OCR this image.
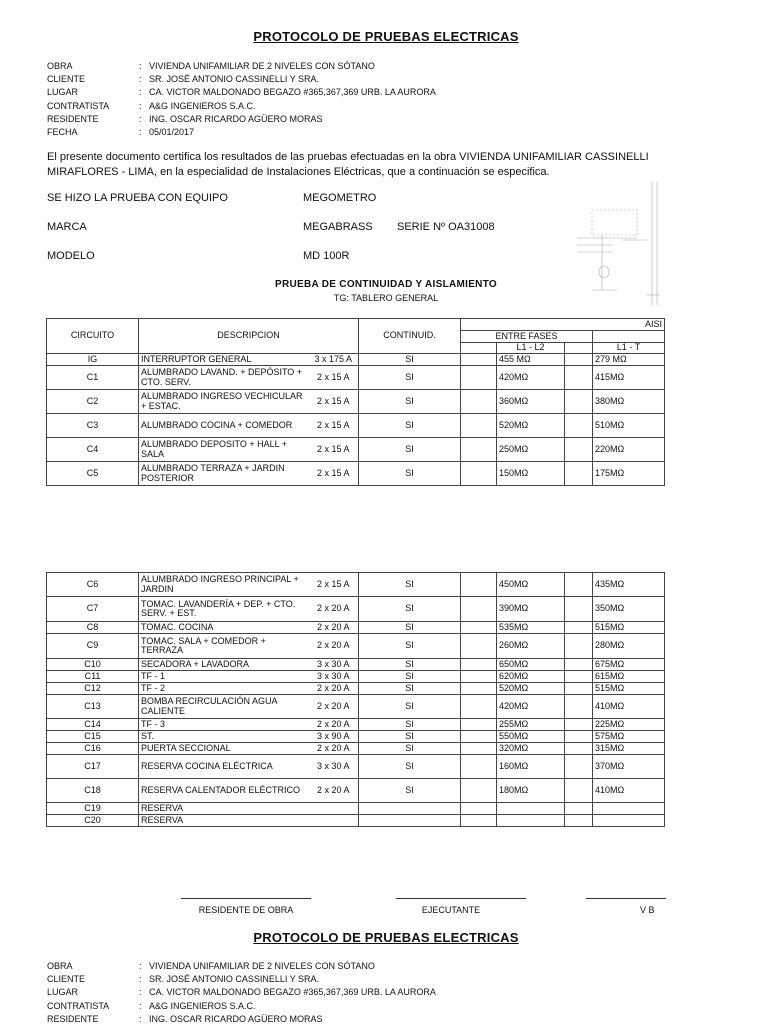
PROTOCOLO DE PRUEBAS ELECTRICAS
OBRA	: VIVIENDA UNIFAMILIAR DE 2 NIVELES CON SÓTANO
CLIENTE	: SR. JOSÉ ANTONIO CASSINELLI Y SRA.
LUGAR	: CA. VICTOR MALDONADO BEGAZO #365,367,369 URB. LA AURORA
CONTRATISTA	: A&G INGENIEROS S.A.C.
RESIDENTE	: ING. OSCAR RICARDO AGÜERO MORAS
FECHA	: 05/01/2017
El presente documento certifica los resultados de las pruebas efectuadas en la obra VIVIENDA UNIFAMILIAR CASSINELLI
MIRAFLORES - LIMA, en la especialidad de Instalaciones Eléctricas, que a continuación se especifica.
SE HIZO LA PRUEBA CON EQUIPO	MEGOMETRO
MARCA	MEGABRASS SERIE Nº OA31008
MODELO	MD 100R
PRUEBA DE CONTINUIDAD Y AISLAMIENTO
TG: TABLERO GENERAL
CIRCUITO	DESCRIPCION		CONTINUID.	AISI			
				ENTRE FASES			
					L1 - L2		L1 - T
IG	INTERRUPTOR GENERAL	3 x 175 A	SI		455 MΩ		279 MΩ
C1	ALUMBRADO LAVAND. + DEPÓSITO + CTO. SERV.	2 x 15 A	SI		420MΩ		415MΩ
C2	ALUMBRADO INGRESO VECHICULAR + ESTAC.	2 x 15 A	SI		360MΩ		380MΩ
C3	ALUMBRADO COCINA + COMEDOR	2 x 15 A	SI		520MΩ		510MΩ
C4	ALUMBRADO DEPOSITO + HALL + SALA	2 x 15 A	SI		250MΩ		220MΩ
C5	ALUMBRADO TERRAZA + JARDIN POSTERIOR	2 x 15 A	SI		150MΩ		175MΩ
C6	ALUMBRADO INGRESO PRINCIPAL + JARDIN	2 x 15 A	SI		450MΩ		435MΩ
C7	TOMAC. LAVANDERÍA + DEP. + CTO. SERV. + EST.	2 x 20 A	SI		390MΩ		350MΩ
C8	TOMAC. COCINA	2 x 20 A	SI		535MΩ		515MΩ
C9	TOMAC. SALA + COMEDOR + TERRAZA	2 x 20 A	SI		260MΩ		280MΩ
C10	SECADORA + LAVADORA	3 x 30 A	SI		650MΩ		675MΩ
C11	TF - 1	3 x 30 A	SI		620MΩ		615MΩ
C12	TF - 2	2 x 20 A	SI		520MΩ		515MΩ
C13	BOMBA RECIRCULACIÓN AGUA CALIENTE	2 x 20 A	SI		420MΩ		410MΩ
C14	TF - 3	2 x 20 A	SI		255MΩ		225MΩ
C15	ST.	3 x 90 A	SI		550MΩ		575MΩ
C16	PUERTA SECCIONAL	2 x 20 A	SI		320MΩ		315MΩ
C17	RESERVA COCINA ELÉCTRICA	3 x 30 A	SI		160MΩ		370MΩ
C18	RESERVA CALENTADOR ELÉCTRICO	2 x 20 A	SI		180MΩ		410MΩ
C19	RESERVA						
C20	RESERVA						
RESIDENTE DE OBRA	EJECUTANTE	V B
PROTOCOLO DE PRUEBAS ELECTRICAS
OBRA	: VIVIENDA UNIFAMILIAR DE 2 NIVELES CON SÓTANO
CLIENTE	: SR. JOSÉ ANTONIO CASSINELLI Y SRA.
LUGAR	: CA. VICTOR MALDONADO BEGAZO #365,367,369 URB. LA AURORA
CONTRATISTA	: A&G INGENIEROS S.A.C.
RESIDENTE	: ING. OSCAR RICARDO AGÜERO MORAS
